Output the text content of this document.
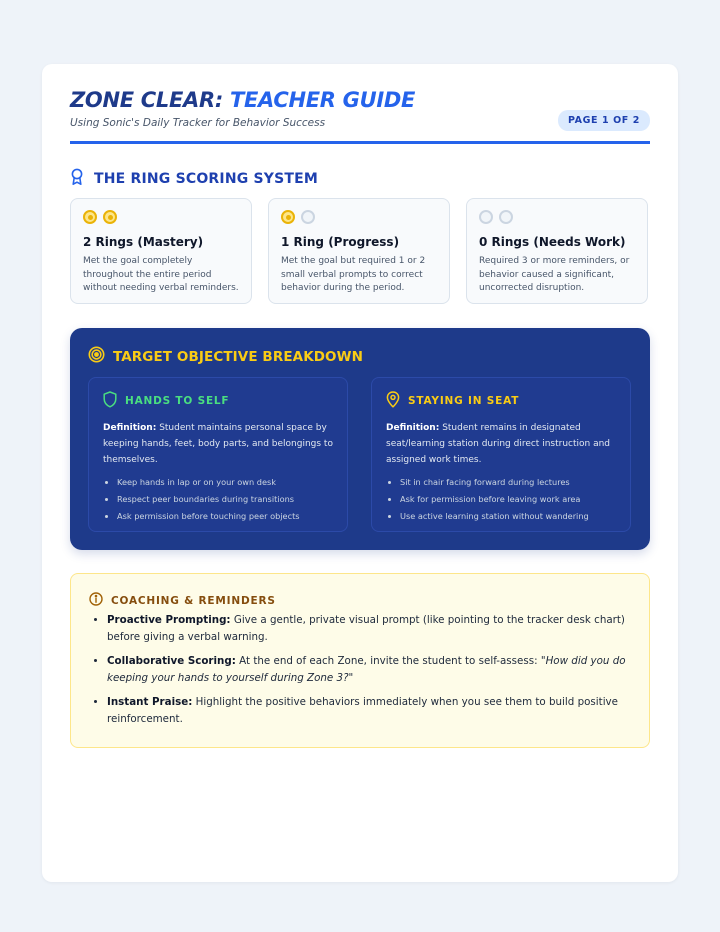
ZONE CLEAR: TEACHER GUIDE
Using Sonic's Daily Tracker for Behavior Success	PAGE 1 OF 2
THE RING SCORING SYSTEM
2 Rings (Mastery)
Met the goal completely throughout the entire period without needing verbal reminders.
1 Ring (Progress)
Met the goal but required 1 or 2 small verbal prompts to correct behavior during the period.
0 Rings (Needs Work)
Required 3 or more reminders, or behavior caused a significant, uncorrected disruption.
TARGET OBJECTIVE BREAKDOWN
HANDS TO SELF
Definition: Student maintains personal space by keeping hands, feet, body parts, and belongings to themselves.
• Keep hands in lap or on your own desk
• Respect peer boundaries during transitions
• Ask permission before touching peer objects
STAYING IN SEAT
Definition: Student remains in designated seat/learning station during direct instruction and assigned work times.
• Sit in chair facing forward during lectures
• Ask for permission before leaving work area
• Use active learning station without wandering
COACHING & REMINDERS
• Proactive Prompting: Give a gentle, private visual prompt (like pointing to the tracker desk chart) before giving a verbal warning.
• Collaborative Scoring: At the end of each Zone, invite the student to self-assess: "How did you do keeping your hands to yourself during Zone 3?"
• Instant Praise: Highlight the positive behaviors immediately when you see them to build positive reinforcement.
